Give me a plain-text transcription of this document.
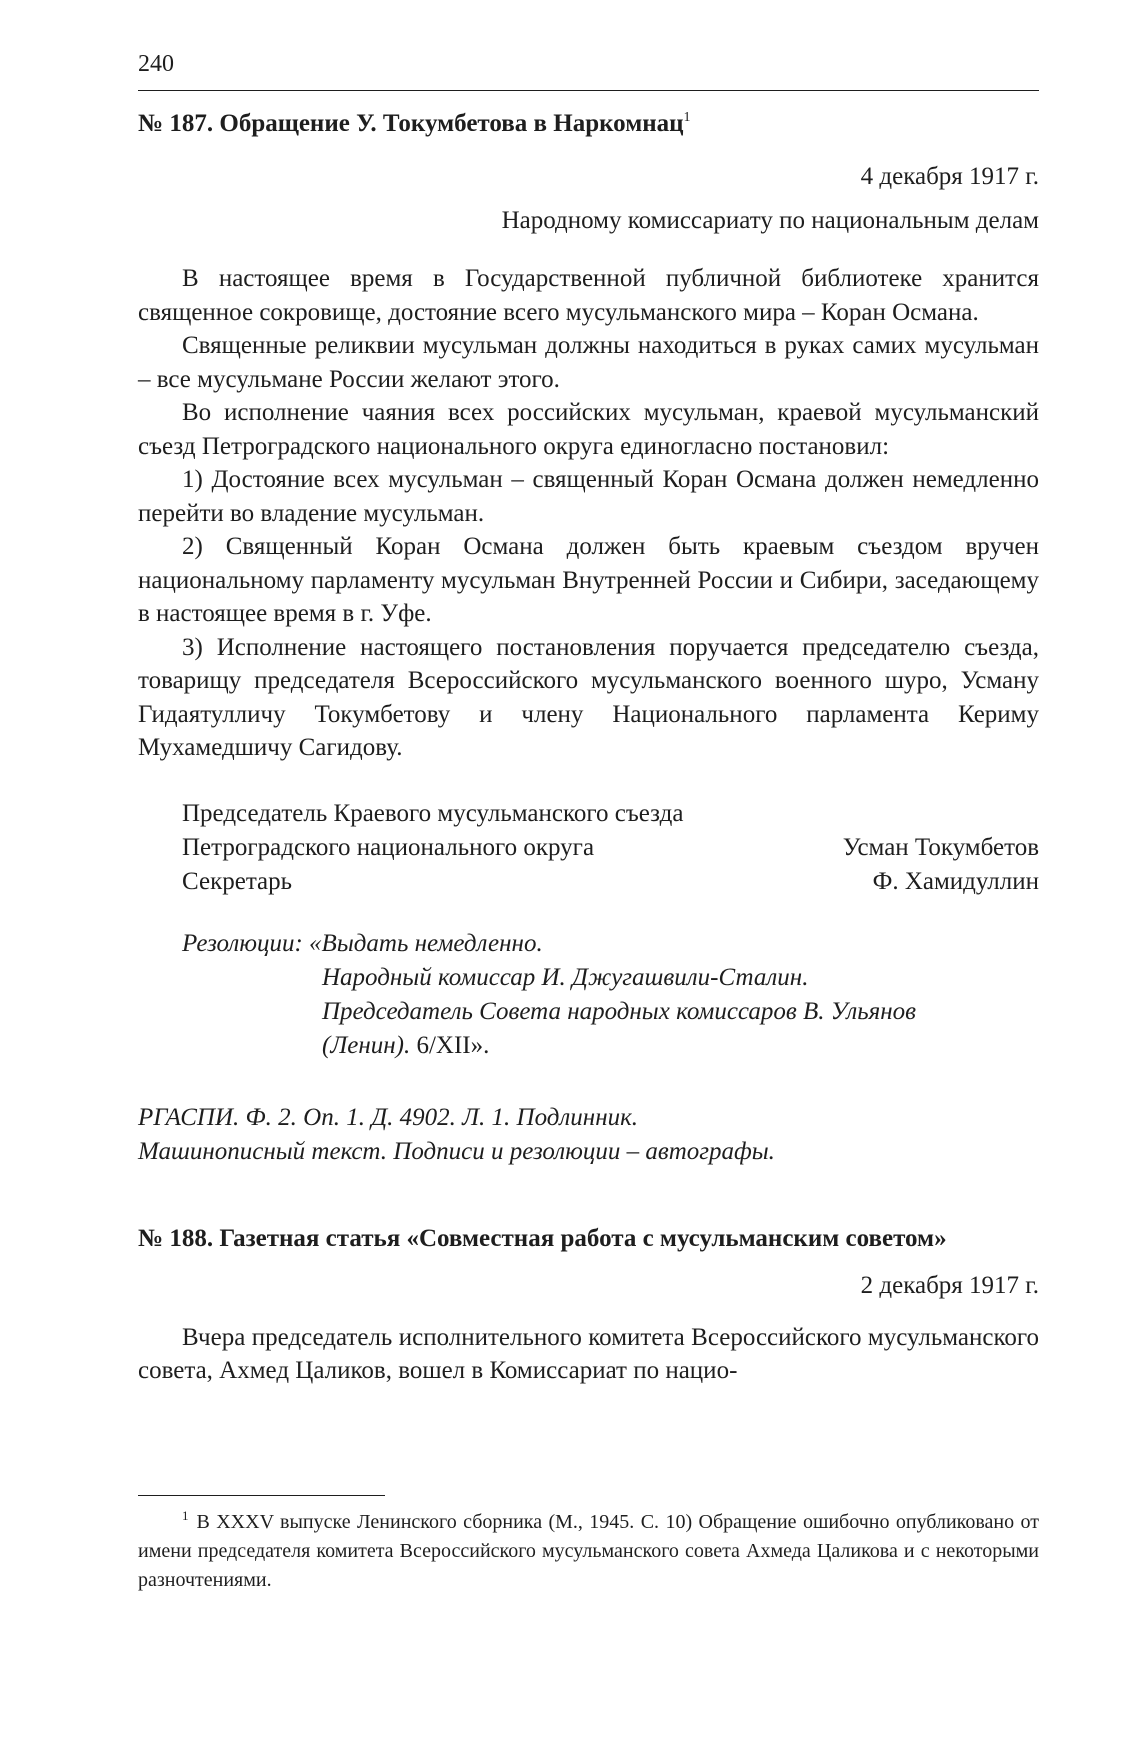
240
№ 187. Обращение У. Токумбетова в Наркомнац$^1$
4 декабря 1917 г.
Народному комиссариату по национальным делам

В настоящее время в Государственной публичной библиотеке хранится священное сокровище, достояние всего мусульманского мира – Коран Османа.

Священные реликвии мусульман должны находиться в руках самих мусульман – все мусульмане России желают этого.

Во исполнение чаяния всех российских мусульман, краевой мусульманский съезд Петроградского национального округа единогласно постановил:

1) Достояние всех мусульман – священный Коран Османа должен немедленно перейти во владение мусульман.

2) Священный Коран Османа должен быть краевым съездом вручен национальному парламенту мусульман Внутренней России и Сибири, заседающему в настоящее время в г. Уфе.

3) Исполнение настоящего постановления поручается председателю съезда, товарищу председателя Всероссийского мусульманского военного шуро, Усману Гидаятулличу Токумбетову и члену Национального парламента Кериму Мухамедшичу Сагидову.

Председатель Краевого мусульманского съезда
Петроградского национального округа	Усман Токумбетов
Секретарь	Ф. Хамидуллин
Резолюции: «Выдать немедленно.
Народный комиссар И. Джугашвили-Сталин.
Председатель Совета народных комиссаров В. Ульянов
(Ленин). 6/XII».
РГАСПИ. Ф. 2. Оп. 1. Д. 4902. Л. 1. Подлинник.
Машинописный текст. Подписи и резолюции – автографы.
№ 188. Газетная статья «Совместная работа с мусульманским советом»
2 декабря 1917 г.

Вчера председатель исполнительного комитета Всероссийского мусульманского совета, Ахмед Цаликов, вошел в Комиссариат по нацио-

$^1$ В XXXV выпуске Ленинского сборника (М., 1945. С. 10) Обращение ошибочно опубликовано от имени председателя комитета Всероссийского мусульманского совета Ахмеда Цаликова и с некоторыми разночтениями.
